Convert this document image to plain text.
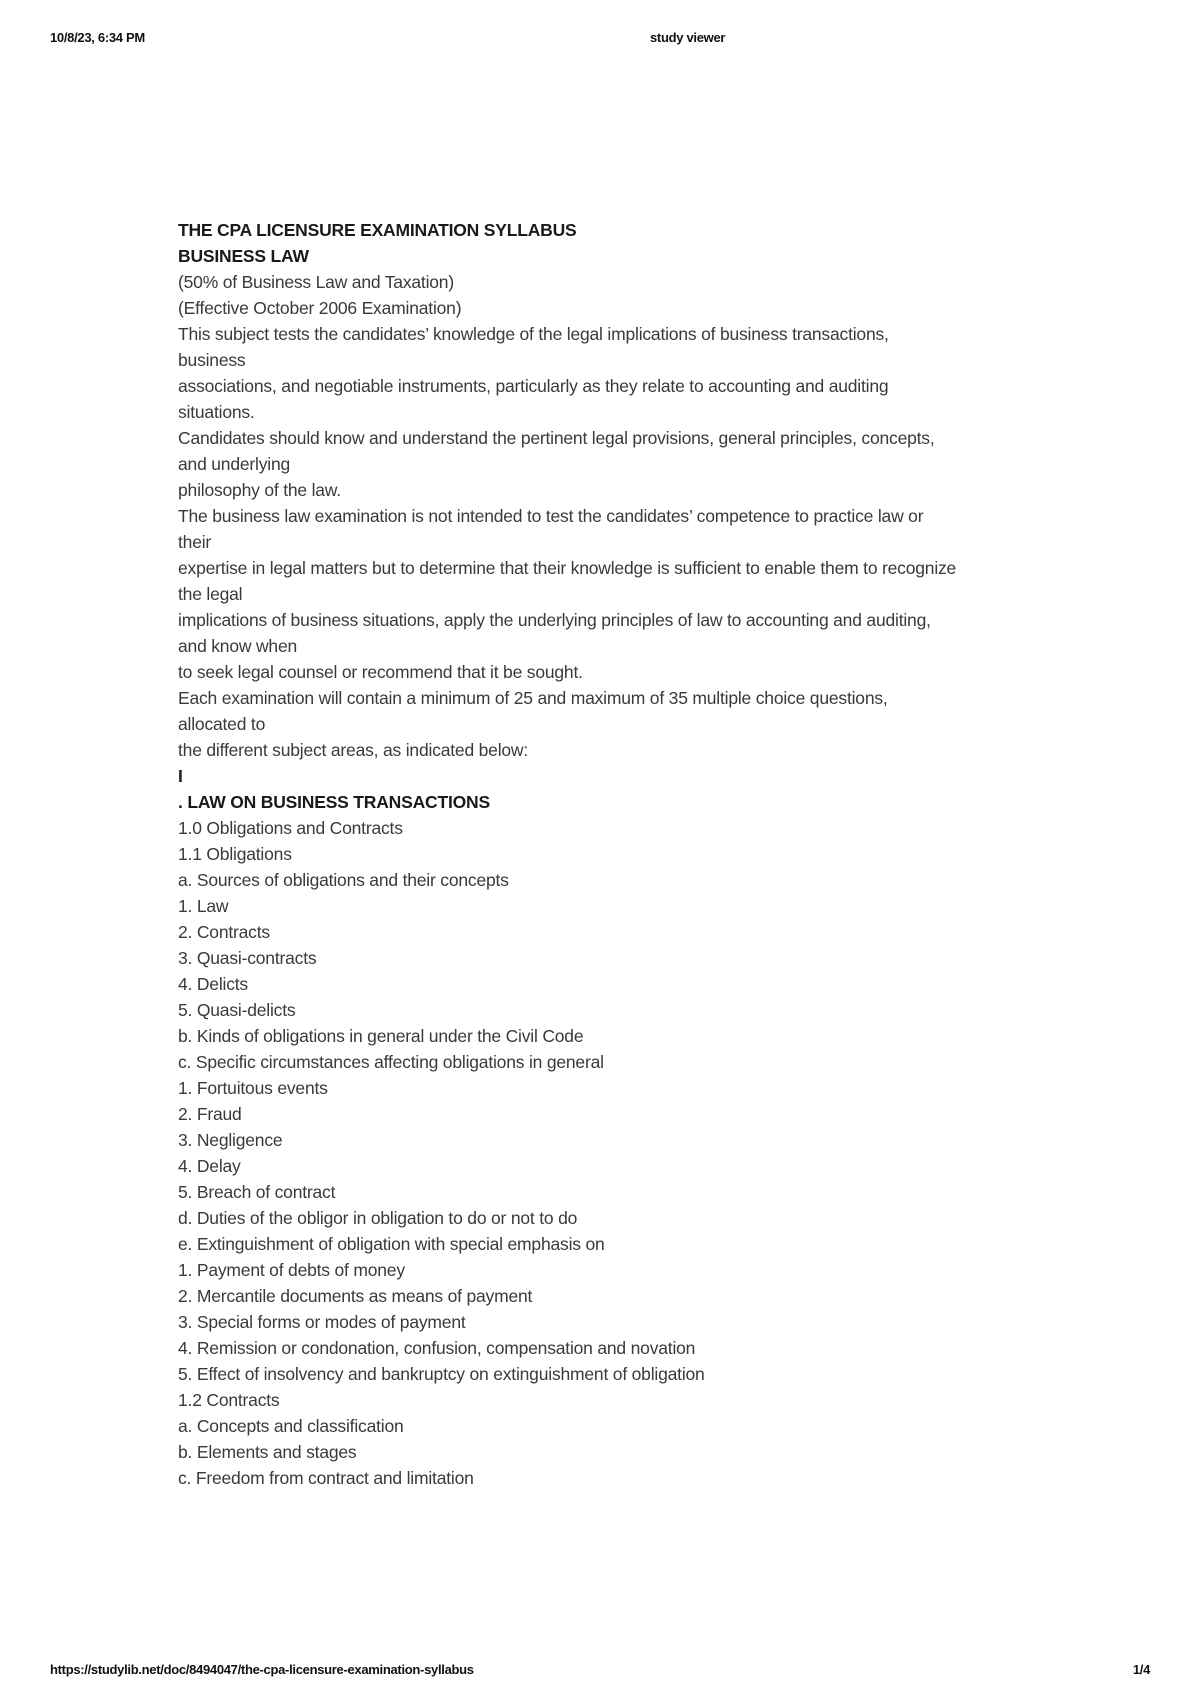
10/8/23, 6:34 PM	study viewer
THE CPA LICENSURE EXAMINATION SYLLABUS
BUSINESS LAW
(50% of Business Law and Taxation)
(Effective October 2006 Examination)
This subject tests the candidates’ knowledge of the legal implications of business transactions,
business
associations, and negotiable instruments, particularly as they relate to accounting and auditing
situations.
Candidates should know and understand the pertinent legal provisions, general principles, concepts,
and underlying
philosophy of the law.
The business law examination is not intended to test the candidates’ competence to practice law or
their
expertise in legal matters but to determine that their knowledge is sufficient to enable them to recognize
the legal
implications of business situations, apply the underlying principles of law to accounting and auditing,
and know when
to seek legal counsel or recommend that it be sought.
Each examination will contain a minimum of 25 and maximum of 35 multiple choice questions,
allocated to
the different subject areas, as indicated below:
I
. LAW ON BUSINESS TRANSACTIONS
1.0 Obligations and Contracts
1.1 Obligations
a. Sources of obligations and their concepts
1. Law
2. Contracts
3. Quasi-contracts
4. Delicts
5. Quasi-delicts
b. Kinds of obligations in general under the Civil Code
c. Specific circumstances affecting obligations in general
1. Fortuitous events
2. Fraud
3. Negligence
4. Delay
5. Breach of contract
d. Duties of the obligor in obligation to do or not to do
e. Extinguishment of obligation with special emphasis on
1. Payment of debts of money
2. Mercantile documents as means of payment
3. Special forms or modes of payment
4. Remission or condonation, confusion, compensation and novation
5. Effect of insolvency and bankruptcy on extinguishment of obligation
1.2 Contracts
a. Concepts and classification
b. Elements and stages
c. Freedom from contract and limitation
https://studylib.net/doc/8494047/the-cpa-licensure-examination-syllabus	1/4
